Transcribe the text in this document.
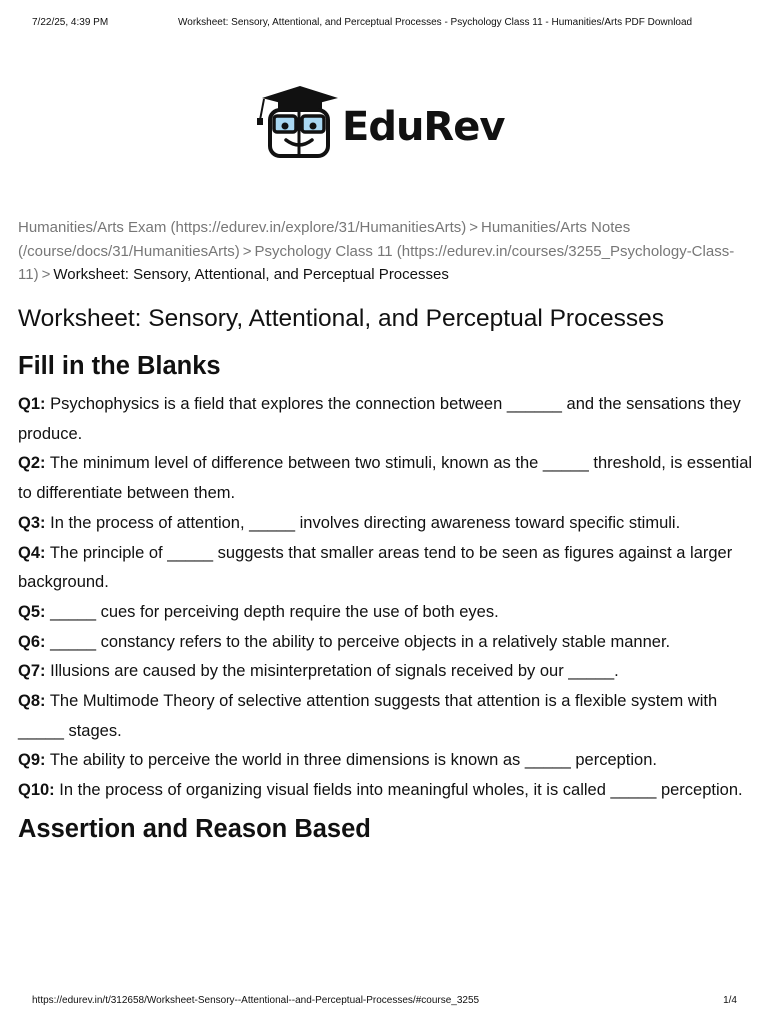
7/22/25, 4:39 PM	Worksheet: Sensory, Attentional, and Perceptual Processes - Psychology Class 11 - Humanities/Arts PDF Download
EduRev
Humanities/Arts Exam (https://edurev.in/explore/31/HumanitiesArts) > Humanities/Arts Notes (/course/docs/31/HumanitiesArts) > Psychology Class 11 (https://edurev.in/courses/3255_Psychology-Class-11) > Worksheet: Sensory, Attentional, and Perceptual Processes
Worksheet: Sensory, Attentional, and Perceptual Processes
Fill in the Blanks
Q1: Psychophysics is a field that explores the connection between ______ and the sensations they produce.
Q2: The minimum level of difference between two stimuli, known as the _____ threshold, is essential to differentiate between them.
Q3: In the process of attention, _____ involves directing awareness toward specific stimuli.
Q4: The principle of _____ suggests that smaller areas tend to be seen as figures against a larger background.
Q5: _____ cues for perceiving depth require the use of both eyes.
Q6: _____ constancy refers to the ability to perceive objects in a relatively stable manner.
Q7: Illusions are caused by the misinterpretation of signals received by our _____.
Q8: The Multimode Theory of selective attention suggests that attention is a flexible system with _____ stages.
Q9: The ability to perceive the world in three dimensions is known as _____ perception.
Q10: In the process of organizing visual fields into meaningful wholes, it is called _____ perception.
Assertion and Reason Based
https://edurev.in/t/312658/Worksheet-Sensory--Attentional--and-Perceptual-Processes/#course_3255	1/4
